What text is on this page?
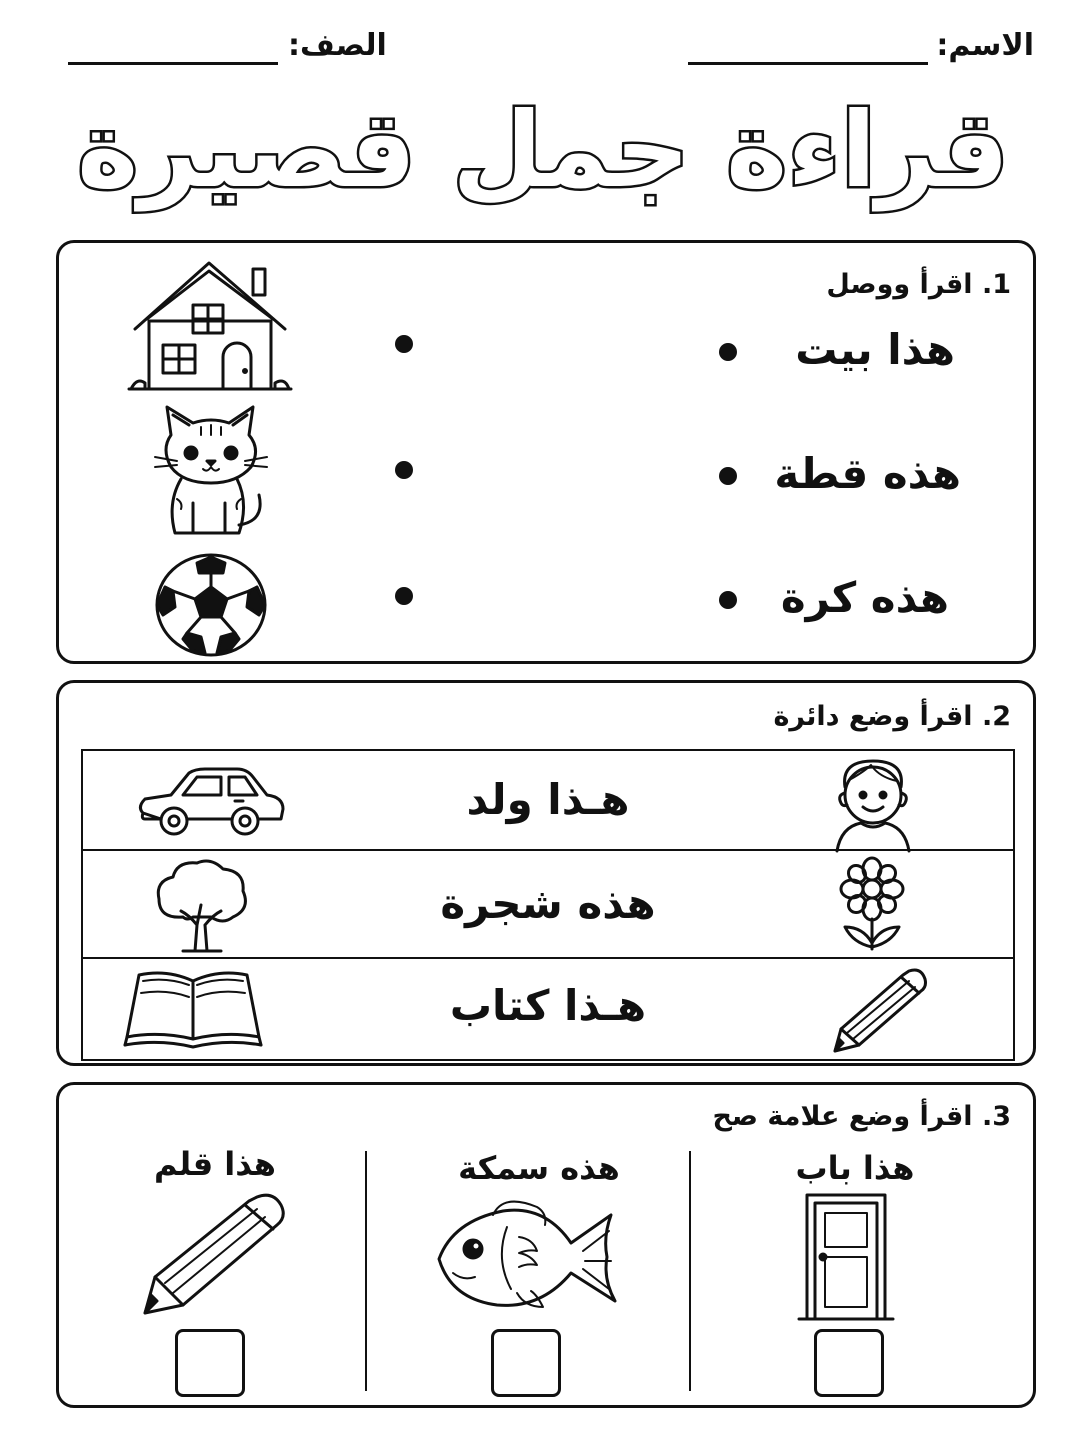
الاسم:
الصف:
قراءة جمل قصيرة
1. اقرأ ووصل
هذا بيت
هذه قطة
هذه كرة
2. اقرأ وضع دائرة
هـذا ولد
هذه شجرة
هـذا كتاب
3. اقرأ وضع علامة صح
هذا باب
هذه سمكة
هذا قلم
